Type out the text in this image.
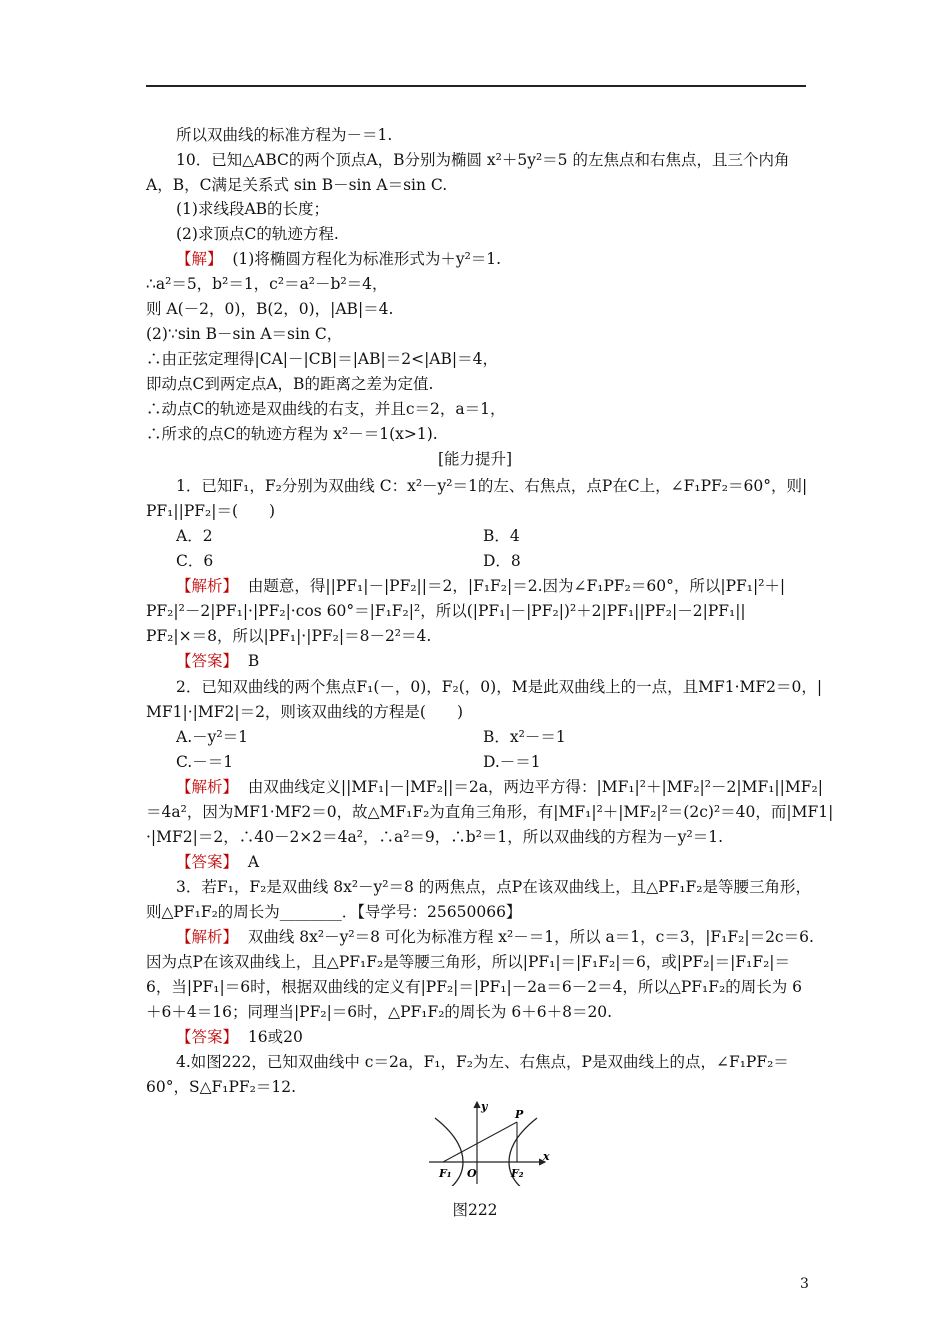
所以双曲线的标准方程为－＝1.
10．已知△ABC的两个顶点A，B分别为椭圆 x²＋5y²＝5 的左焦点和右焦点，且三个内角
A，B，C满足关系式 sin B－sin A＝sin C.
(1)求线段AB的长度；
(2)求顶点C的轨迹方程.
【解】 (1)将椭圆方程化为标准形式为＋y²＝1.
∴a²＝5，b²＝1，c²＝a²－b²＝4，
则 A(－2，0)，B(2，0)，|AB|＝4.
(2)∵sin B－sin A＝sin C，
∴由正弦定理得|CA|－|CB|＝|AB|＝2<|AB|＝4，
即动点C到两定点A，B的距离之差为定值.
∴动点C的轨迹是双曲线的右支，并且c＝2，a＝1，
∴所求的点C的轨迹方程为 x²－＝1(x>1).
[能力提升]
1．已知F₁，F₂分别为双曲线 C：x²－y²＝1的左、右焦点，点P在C上，∠F₁PF₂＝60°，则|
PF₁||PF₂|＝(　　)
A．2	B．4
C．6	D．8
【解析】 由题意，得||PF₁|－|PF₂||＝2，|F₁F₂|＝2.因为∠F₁PF₂＝60°，所以|PF₁|²＋|
PF₂|²－2|PF₁|·|PF₂|·cos 60°＝|F₁F₂|²，所以(|PF₁|－|PF₂|)²＋2|PF₁||PF₂|－2|PF₁||
PF₂|×＝8，所以|PF₁|·|PF₂|＝8－2²＝4.
【答案】 B
2．已知双曲线的两个焦点F₁(－，0)，F₂(，0)，M是此双曲线上的一点，且MF1·MF2＝0，|
MF1|·|MF2|＝2，则该双曲线的方程是(　　)
A.－y²＝1	B．x²－＝1
C.－＝1	D.－＝1
【解析】 由双曲线定义||MF₁|－|MF₂||＝2a，两边平方得：|MF₁|²＋|MF₂|²－2|MF₁||MF₂|
＝4a²，因为MF1·MF2＝0，故△MF₁F₂为直角三角形，有|MF₁|²＋|MF₂|²＝(2c)²＝40，而|MF1|
·|MF2|＝2，∴40－2×2＝4a²，∴a²＝9，∴b²＝1，所以双曲线的方程为－y²＝1.
【答案】 A
3．若F₁，F₂是双曲线 8x²－y²＝8 的两焦点，点P在该双曲线上，且△PF₁F₂是等腰三角形，
则△PF₁F₂的周长为________．【导学号：25650066】
【解析】 双曲线 8x²－y²＝8 可化为标准方程 x²－＝1，所以 a＝1，c＝3，|F₁F₂|＝2c＝6.
因为点P在该双曲线上，且△PF₁F₂是等腰三角形，所以|PF₁|＝|F₁F₂|＝6，或|PF₂|＝|F₁F₂|＝
6，当|PF₁|＝6时，根据双曲线的定义有|PF₂|＝|PF₁|－2a＝6－2＝4，所以△PF₁F₂的周长为 6
＋6＋4＝16；同理当|PF₂|＝6时，△PF₁F₂的周长为 6＋6＋8＝20.
【答案】 16或20
4.如图222，已知双曲线中 c＝2a，F₁，F₂为左、右焦点，P是双曲线上的点，∠F₁PF₂＝
60°，S△F₁PF₂＝12.
y
x
O
P
F₁	F₂
图222
3
